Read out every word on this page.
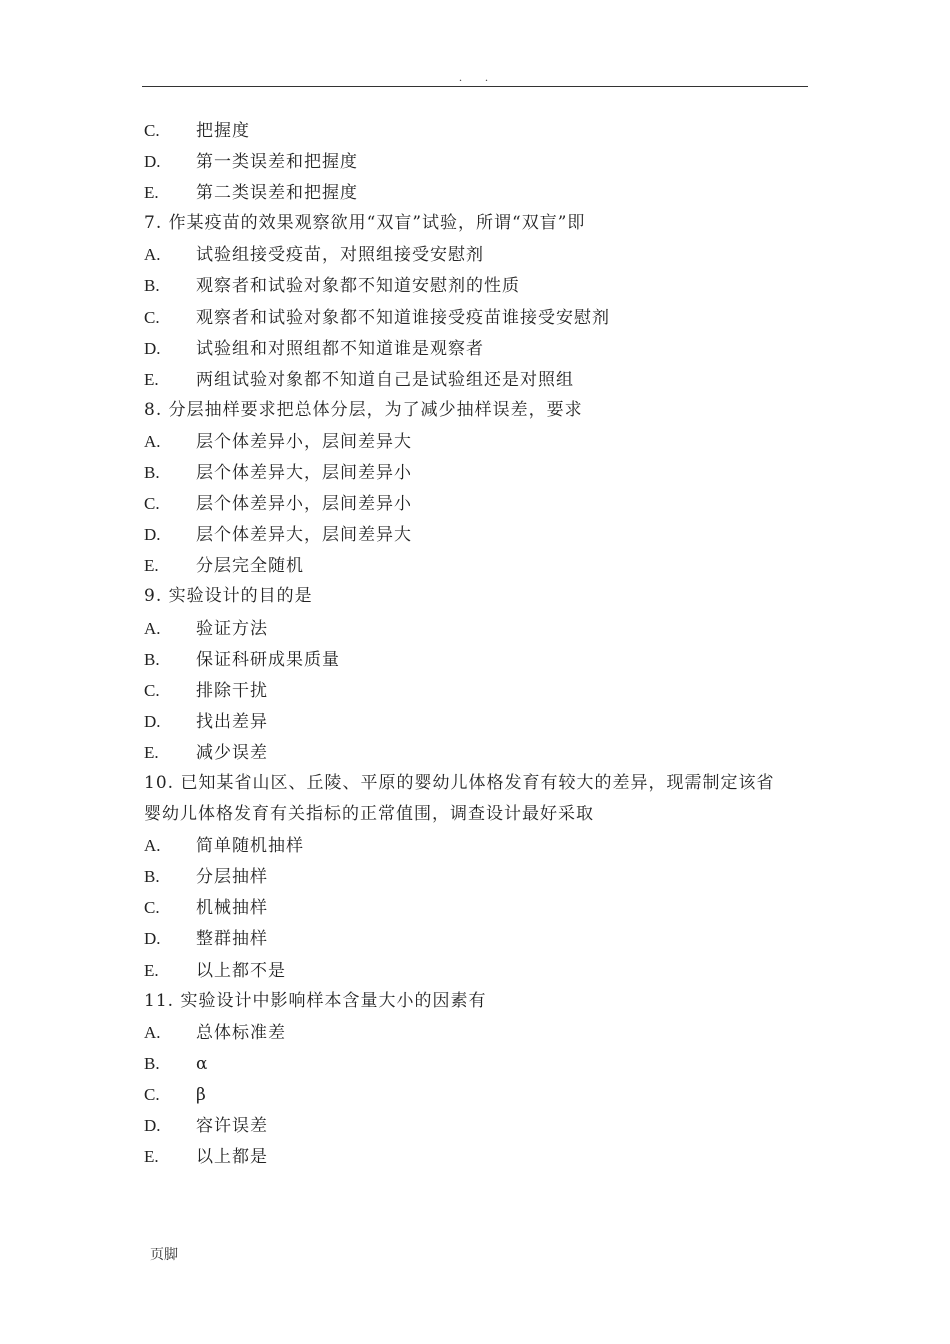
. .
C. 把握度
D. 第一类误差和把握度
E. 第二类误差和把握度
7. 作某疫苗的效果观察欲用“双盲”试验，所谓“双盲”即
A. 试验组接受疫苗，对照组接受安慰剂
B. 观察者和试验对象都不知道安慰剂的性质
C. 观察者和试验对象都不知道谁接受疫苗谁接受安慰剂
D. 试验组和对照组都不知道谁是观察者
E. 两组试验对象都不知道自己是试验组还是对照组
8. 分层抽样要求把总体分层，为了减少抽样误差，要求
A. 层个体差异小，层间差异大
B. 层个体差异大，层间差异小
C. 层个体差异小，层间差异小
D. 层个体差异大，层间差异大
E. 分层完全随机
9. 实验设计的目的是
A. 验证方法
B. 保证科研成果质量
C. 排除干扰
D. 找出差异
E. 减少误差
10. 已知某省山区、丘陵、平原的婴幼儿体格发育有较大的差异，现需制定该省
婴幼儿体格发育有关指标的正常值围，调查设计最好采取
A. 简单随机抽样
B. 分层抽样
C. 机械抽样
D. 整群抽样
E. 以上都不是
11. 实验设计中影响样本含量大小的因素有
A. 总体标准差
B. α
C. β
D. 容许误差
E. 以上都是
页脚
